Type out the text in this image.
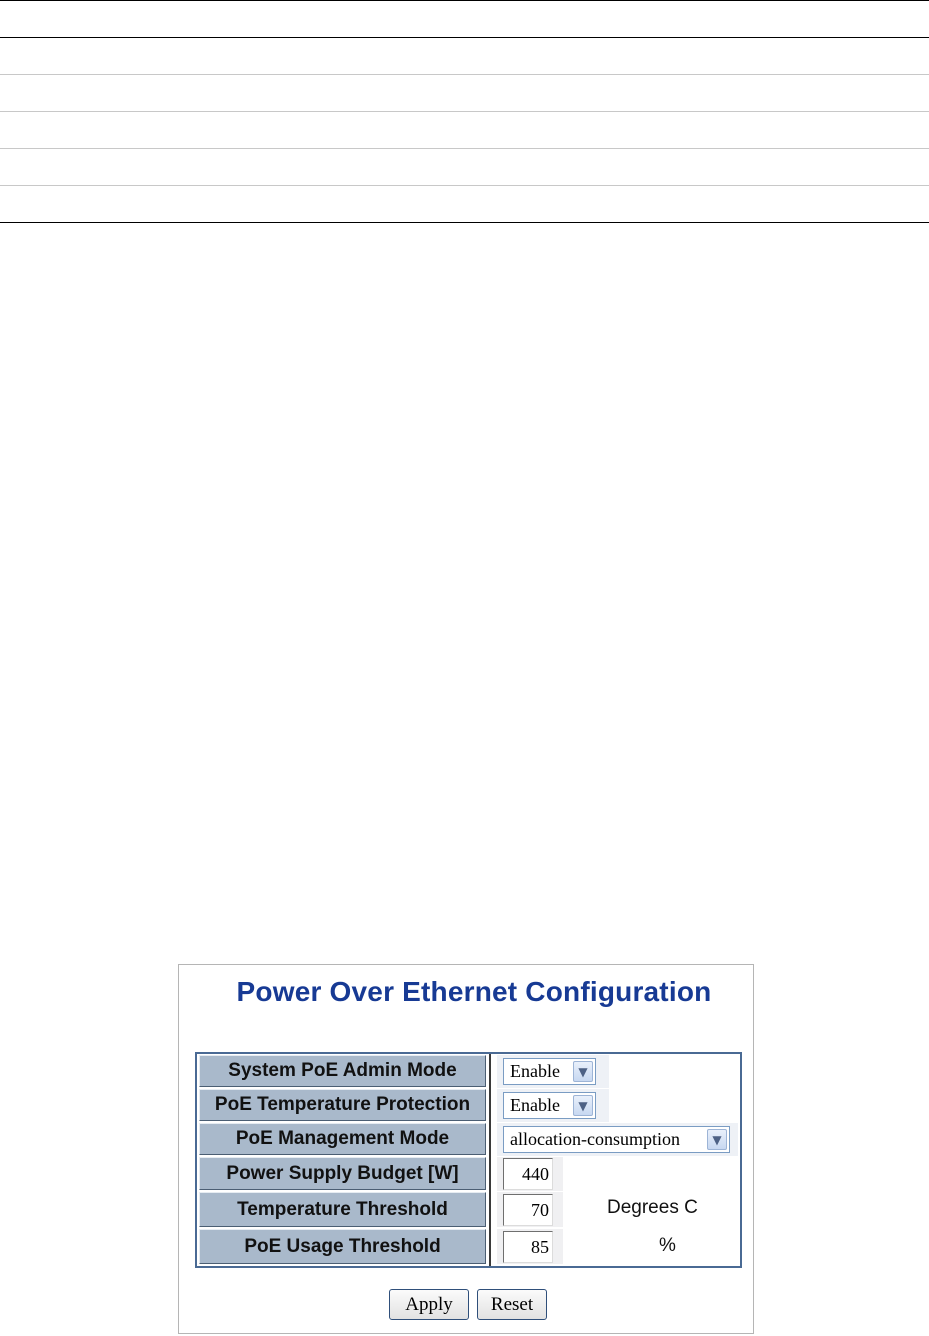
Power Over Ethernet Configuration
System PoE Admin Mode	Enable	▼
PoE Temperature Protection	Enable	▼
PoE Management Mode	allocation-consumption	▼
Power Supply Budget [W]	440
Temperature Threshold	70	Degrees C
PoE Usage Threshold	85	%
Apply	Reset
